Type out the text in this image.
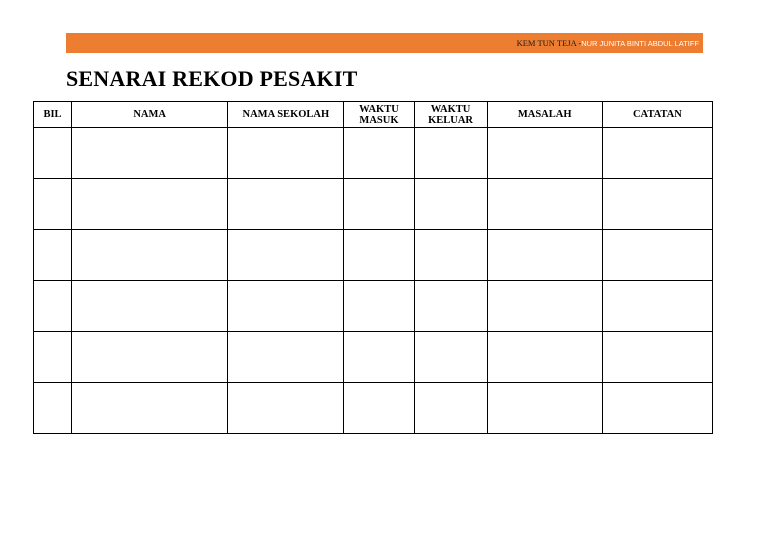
KEM TUN TEJA -NUR JUNITA BINTI ABDUL LATIFF
SENARAI REKOD PESAKIT
BIL	NAMA	NAMA SEKOLAH	WAKTU MASUK	WAKTU KELUAR	MASALAH	CATATAN
